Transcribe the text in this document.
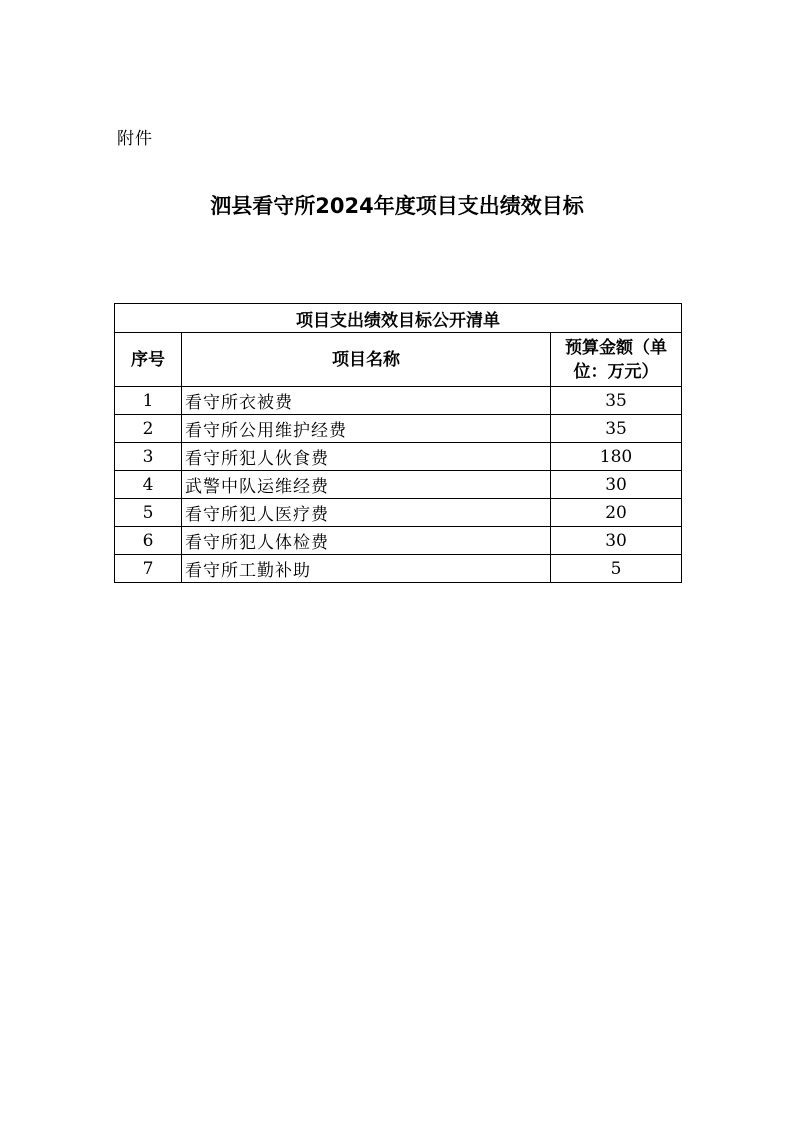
附件
泗县看守所2024年度项目支出绩效目标
项目支出绩效目标公开清单		
序号	项目名称	预算金额（单
位：万元）

1	看守所衣被费	35
2	看守所公用维护经费	35
3	看守所犯人伙食费	180
4	武警中队运维经费	30
5	看守所犯人医疗费	20
6	看守所犯人体检费	30
7	看守所工勤补助	5
